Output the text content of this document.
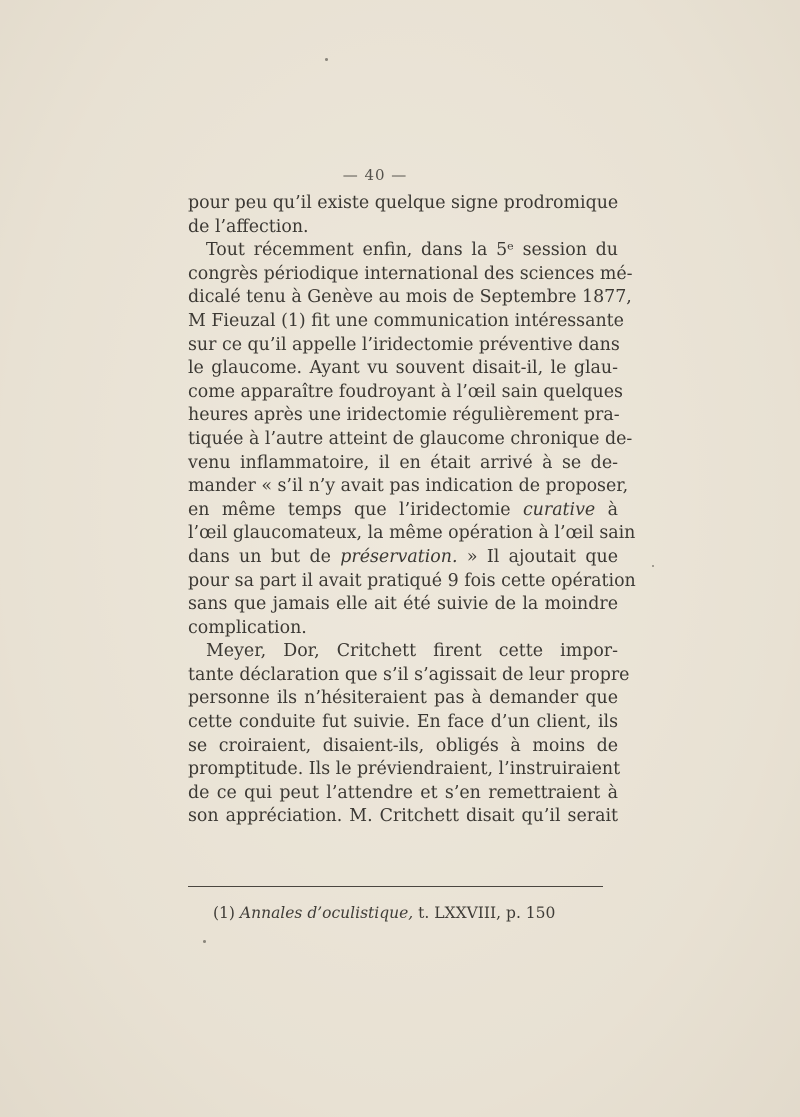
— 40 —
pour peu qu’il existe quelque signe prodromique
de l’affection.
Tout récemment enfin, dans la 5ᵉ session du
congrès périodique international des sciences mé-
dicalé tenu à Genève au mois de Septembre 1877,
M Fieuzal (1) fit une communication intéressante
sur ce qu’il appelle l’iridectomie préventive dans
le glaucome. Ayant vu souvent disait-il, le glau-
come apparaître foudroyant à l’œil sain quelques
heures après une iridectomie régulièrement pra-
tiquée à l’autre atteint de glaucome chronique de-
venu inflammatoire, il en était arrivé à se de-
mander « s’il n’y avait pas indication de proposer,
en même temps que l’iridectomie curative à
l’œil glaucomateux, la même opération à l’œil sain
dans un but de préservation. » Il ajoutait que
pour sa part il avait pratiqué 9 fois cette opération
sans que jamais elle ait été suivie de la moindre
complication.
Meyer, Dor, Critchett firent cette impor-
tante déclaration que s’il s’agissait de leur propre
personne ils n’hésiteraient pas à demander que
cette conduite fut suivie. En face d’un client, ils
se croiraient, disaient-ils, obligés à moins de
promptitude. Ils le préviendraient, l’instruiraient
de ce qui peut l’attendre et s’en remettraient à
son appréciation. M. Critchett disait qu’il serait
(1) Annales d’oculistique, t. LXXVIII, p. 150
